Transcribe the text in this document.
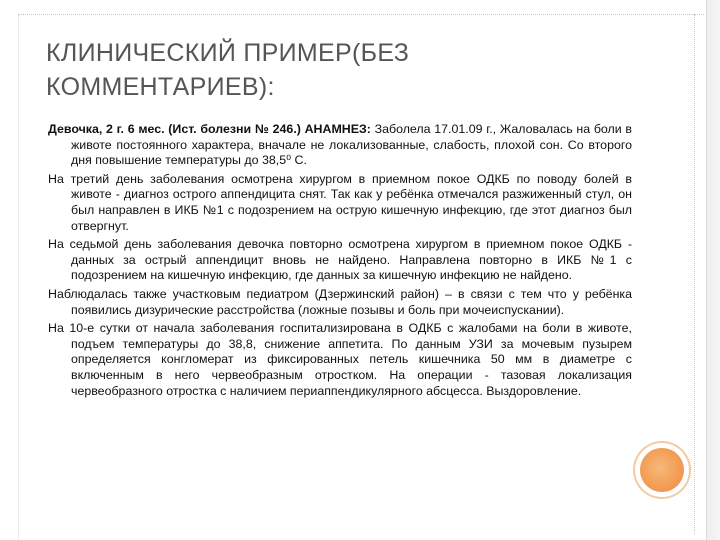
КЛИНИЧЕСКИЙ ПРИМЕР(БЕЗ
КОММЕНТАРИЕВ):

Девочка, 2 г. 6 мес. (Ист. болезни № 246.) АНАМНЕЗ: Заболела 17.01.09 г., Жаловалась на боли в животе постоянного характера, вначале не локализованные, слабость, плохой сон. Со второго дня повышение температуры до 38,5⁰ С.

На третий день заболевания осмотрена хирургом в приемном покое ОДКБ по поводу болей в животе - диагноз острого аппендицита снят. Так как у ребёнка отмечался разжиженный стул, он был направлен в ИКБ №1 с подозрением на острую кишечную инфекцию, где этот диагноз был отвергнут.

На седьмой день заболевания девочка повторно осмотрена хирургом в приемном покое ОДКБ - данных за острый аппендицит вновь не найдено. Направлена повторно в ИКБ №1 с подозрением на кишечную инфекцию, где данных за кишечную инфекцию не найдено.

Наблюдалась также участковым педиатром (Дзержинский район) – в связи с тем что у ребёнка появились дизурические расстройства (ложные позывы и боль при мочеиспускании).

На 10-е сутки от начала заболевания госпитализирована в ОДКБ с жалобами на боли в животе, подъем температуры до 38,8, снижение аппетита. По данным УЗИ за мочевым пузырем определяется конгломерат из фиксированных петель кишечника 50 мм в диаметре с включенным в него червеобразным отростком. На операции - тазовая локализация червеобразного отростка с наличием периаппендикулярного абсцесса. Выздоровление.
